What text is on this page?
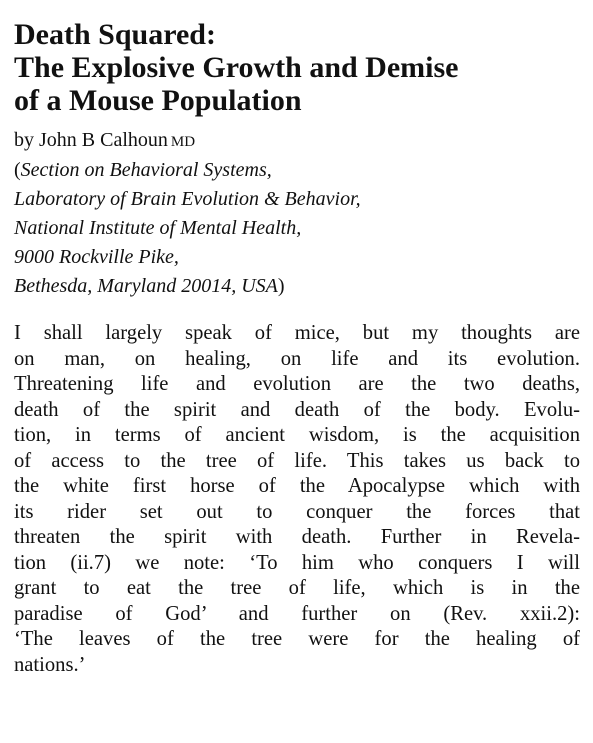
Death Squared:
The Explosive Growth and Demise
of a Mouse Population
by John B Calhoun MD
(Section on Behavioral Systems,
Laboratory of Brain Evolution & Behavior,
National Institute of Mental Health,
9000 Rockville Pike,
Bethesda, Maryland 20014, USA)
I shall largely speak of mice, but my thoughts are
on man, on healing, on life and its evolution.
Threatening life and evolution are the two deaths,
death of the spirit and death of the body. Evolu-
tion, in terms of ancient wisdom, is the acquisition
of access to the tree of life. This takes us back to
the white first horse of the Apocalypse which with
its rider set out to conquer the forces that
threaten the spirit with death. Further in Revela-
tion (ii.7) we note: ‘To him who conquers I will
grant to eat the tree of life, which is in the
paradise of God’ and further on (Rev. xxii.2):
‘The leaves of the tree were for the healing of
nations.’
